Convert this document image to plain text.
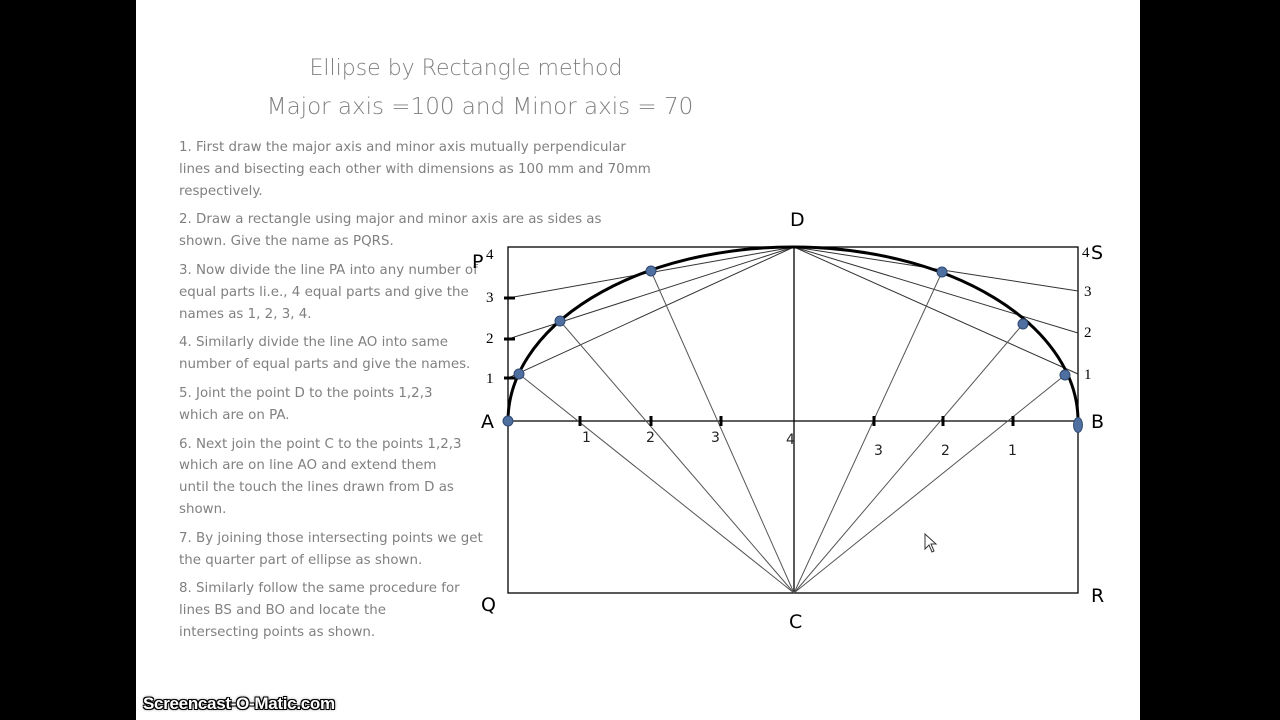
Ellipse by Rectangle method
Major axis =100 and Minor axis = 70
1. First draw the major axis and minor axis mutually perpendicular lines and bisecting each other with dimensions as 100 mm and 70mm respectively.
2. Draw a rectangle using major and minor axis are as sides as shown. Give the name as PQRS.
3. Now divide the line PA into any number of equal parts li.e., 4 equal parts and give the names as 1, 2, 3, 4.
4. Similarly divide the line AO into same number of equal parts and give the names.
5. Joint the point D to the points 1,2,3 which are on PA.
6. Next join the point C to the points 1,2,3 which are on line AO and extend them until the touch the lines drawn from D as shown.
7. By joining those intersecting points we get the quarter part of ellipse as shown.
8. Similarly follow the same procedure for lines BS and BO and locate the intersecting points as shown.
D
C
A	B
P
Q	R
S
4
3
2
1
4
3
2
1
1	2	3	4
3	2	1
Screencast-O-Matic.com
